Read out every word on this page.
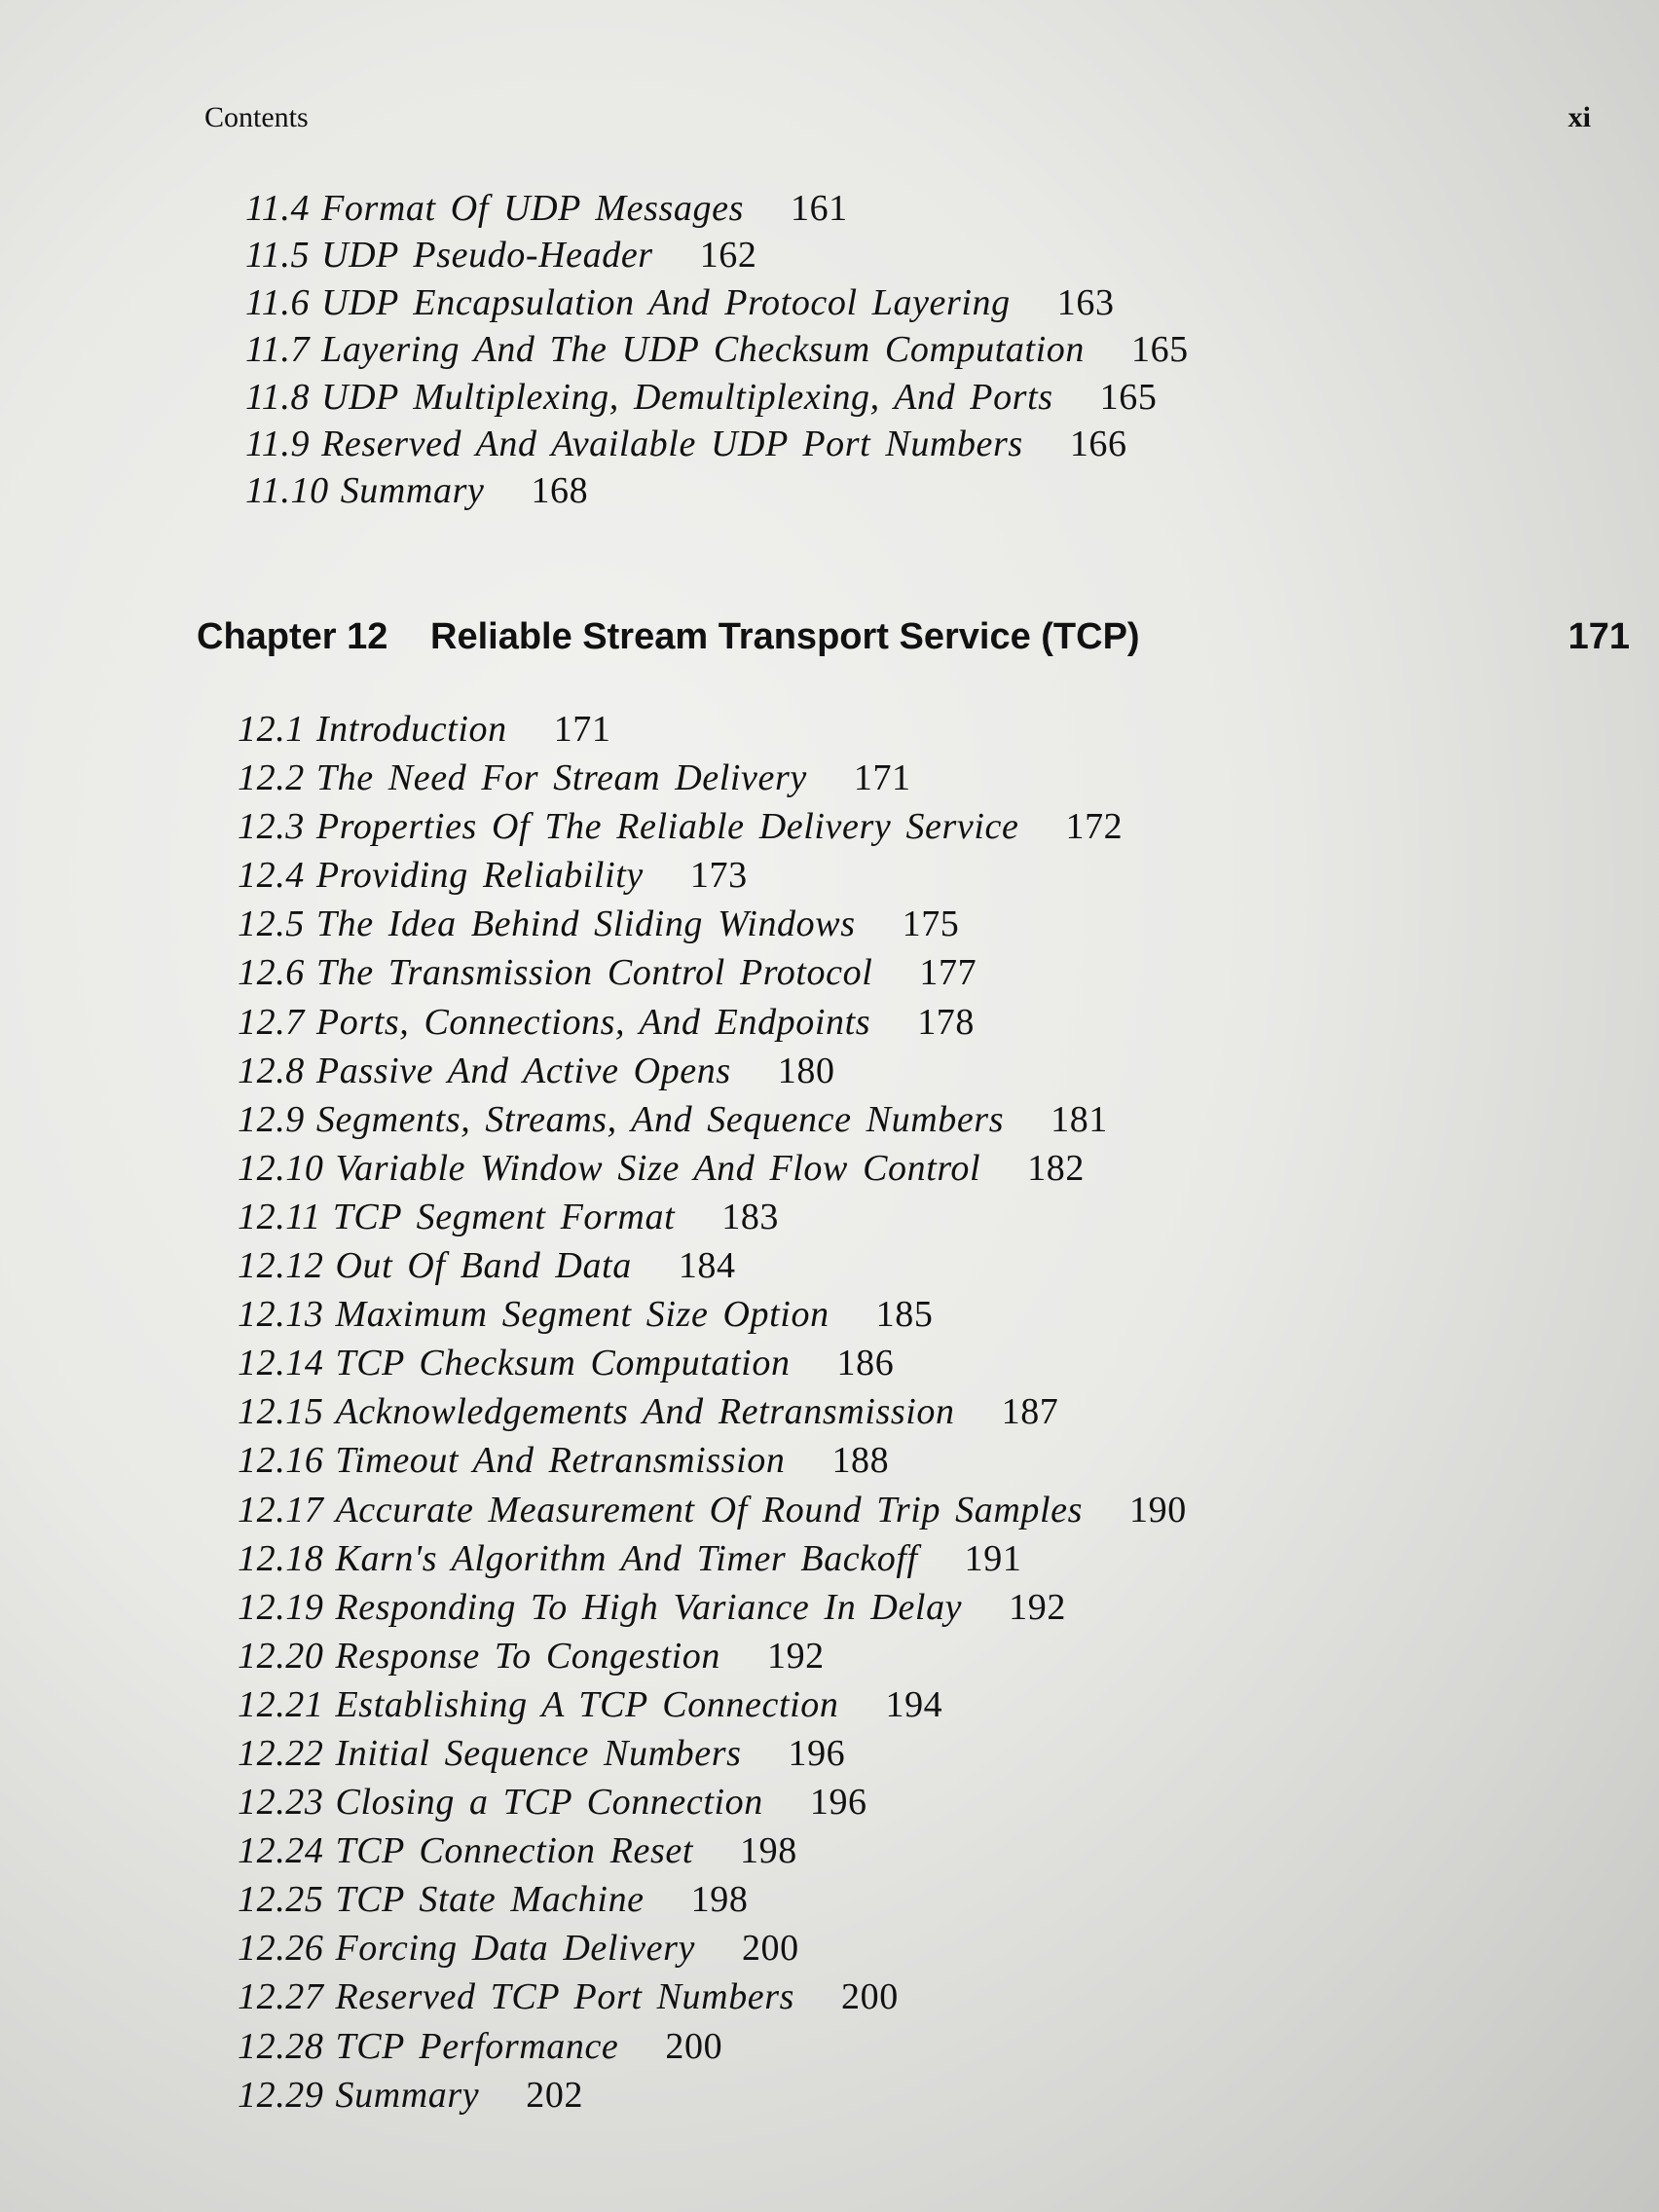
Contents	xi
11.4 Format Of UDP Messages 161
11.5 UDP Pseudo-Header 162
11.6 UDP Encapsulation And Protocol Layering 163
11.7 Layering And The UDP Checksum Computation 165
11.8 UDP Multiplexing, Demultiplexing, And Ports 165
11.9 Reserved And Available UDP Port Numbers 166
11.10 Summary 168
Chapter 12 Reliable Stream Transport Service (TCP)	171
12.1 Introduction 171
12.2 The Need For Stream Delivery 171
12.3 Properties Of The Reliable Delivery Service 172
12.4 Providing Reliability 173
12.5 The Idea Behind Sliding Windows 175
12.6 The Transmission Control Protocol 177
12.7 Ports, Connections, And Endpoints 178
12.8 Passive And Active Opens 180
12.9 Segments, Streams, And Sequence Numbers 181
12.10 Variable Window Size And Flow Control 182
12.11 TCP Segment Format 183
12.12 Out Of Band Data 184
12.13 Maximum Segment Size Option 185
12.14 TCP Checksum Computation 186
12.15 Acknowledgements And Retransmission 187
12.16 Timeout And Retransmission 188
12.17 Accurate Measurement Of Round Trip Samples 190
12.18 Karn's Algorithm And Timer Backoff 191
12.19 Responding To High Variance In Delay 192
12.20 Response To Congestion 192
12.21 Establishing A TCP Connection 194
12.22 Initial Sequence Numbers 196
12.23 Closing a TCP Connection 196
12.24 TCP Connection Reset 198
12.25 TCP State Machine 198
12.26 Forcing Data Delivery 200
12.27 Reserved TCP Port Numbers 200
12.28 TCP Performance 200
12.29 Summary 202
